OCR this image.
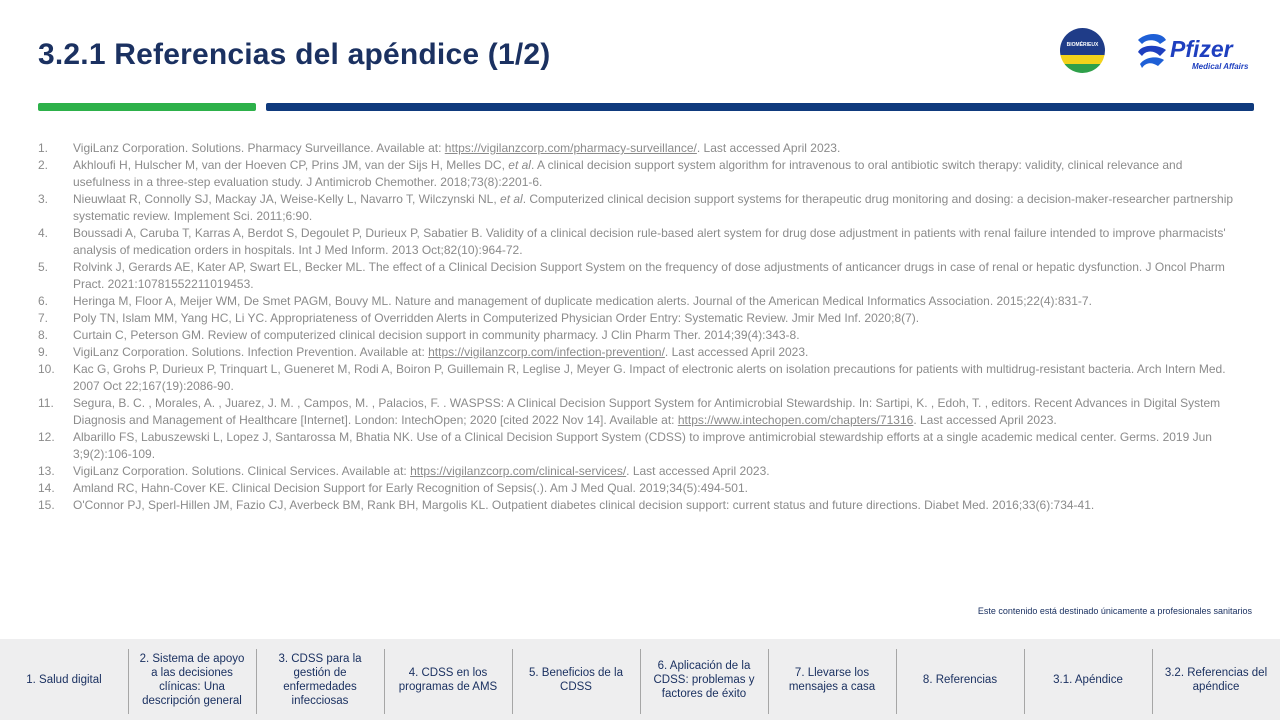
3.2.1 Referencias del apéndice (1/2)	BIOMÉRIEUX	Pfizer
Medical Affairs
1. VigiLanz Corporation. Solutions. Pharmacy Surveillance. Available at: https://vigilanzcorp.com/pharmacy-surveillance/. Last accessed April 2023.
2. Akhloufi H, Hulscher M, van der Hoeven CP, Prins JM, van der Sijs H, Melles DC, et al. A clinical decision support system algorithm for intravenous to oral antibiotic switch therapy: validity, clinical relevance and usefulness in a three-step evaluation study. J Antimicrob Chemother. 2018;73(8):2201-6.
3. Nieuwlaat R, Connolly SJ, Mackay JA, Weise-Kelly L, Navarro T, Wilczynski NL, et al. Computerized clinical decision support systems for therapeutic drug monitoring and dosing: a decision-maker-researcher partnership systematic review. Implement Sci. 2011;6:90.
4. Boussadi A, Caruba T, Karras A, Berdot S, Degoulet P, Durieux P, Sabatier B. Validity of a clinical decision rule-based alert system for drug dose adjustment in patients with renal failure intended to improve pharmacists' analysis of medication orders in hospitals. Int J Med Inform. 2013 Oct;82(10):964-72.
5. Rolvink J, Gerards AE, Kater AP, Swart EL, Becker ML. The effect of a Clinical Decision Support System on the frequency of dose adjustments of anticancer drugs in case of renal or hepatic dysfunction. J Oncol Pharm Pract. 2021:10781552211019453.
6. Heringa M, Floor A, Meijer WM, De Smet PAGM, Bouvy ML. Nature and management of duplicate medication alerts. Journal of the American Medical Informatics Association. 2015;22(4):831-7.
7. Poly TN, Islam MM, Yang HC, Li YC. Appropriateness of Overridden Alerts in Computerized Physician Order Entry: Systematic Review. Jmir Med Inf. 2020;8(7).
8. Curtain C, Peterson GM. Review of computerized clinical decision support in community pharmacy. J Clin Pharm Ther. 2014;39(4):343-8.
9. VigiLanz Corporation. Solutions. Infection Prevention. Available at: https://vigilanzcorp.com/infection-prevention/. Last accessed April 2023.
10. Kac G, Grohs P, Durieux P, Trinquart L, Gueneret M, Rodi A, Boiron P, Guillemain R, Leglise J, Meyer G. Impact of electronic alerts on isolation precautions for patients with multidrug-resistant bacteria. Arch Intern Med. 2007 Oct 22;167(19):2086-90.
11. Segura, B. C. , Morales, A. , Juarez, J. M. , Campos, M. , Palacios, F. . WASPSS: A Clinical Decision Support System for Antimicrobial Stewardship. In: Sartipi, K. , Edoh, T. , editors. Recent Advances in Digital System Diagnosis and Management of Healthcare [Internet]. London: IntechOpen; 2020 [cited 2022 Nov 14]. Available at: https://www.intechopen.com/chapters/71316. Last accessed April 2023.
12. Albarillo FS, Labuszewski L, Lopez J, Santarossa M, Bhatia NK. Use of a Clinical Decision Support System (CDSS) to improve antimicrobial stewardship efforts at a single academic medical center. Germs. 2019 Jun 3;9(2):106-109.
13. VigiLanz Corporation. Solutions. Clinical Services. Available at: https://vigilanzcorp.com/clinical-services/. Last accessed April 2023.
14. Amland RC, Hahn-Cover KE. Clinical Decision Support for Early Recognition of Sepsis(.). Am J Med Qual. 2019;34(5):494-501.
15. O'Connor PJ, Sperl-Hillen JM, Fazio CJ, Averbeck BM, Rank BH, Margolis KL. Outpatient diabetes clinical decision support: current status and future directions. Diabet Med. 2016;33(6):734-41.
Este contenido está destinado únicamente a profesionales sanitarios
1. Salud digital
2. Sistema de apoyo a las decisiones clínicas: Una descripción general
3. CDSS para la gestión de enfermedades infecciosas
4. CDSS en los programas de AMS
5. Beneficios de la CDSS
6. Aplicación de la CDSS: problemas y factores de éxito
7. Llevarse los mensajes a casa
8. Referencias	3.1. Apéndice
3.2. Referencias del apéndice
